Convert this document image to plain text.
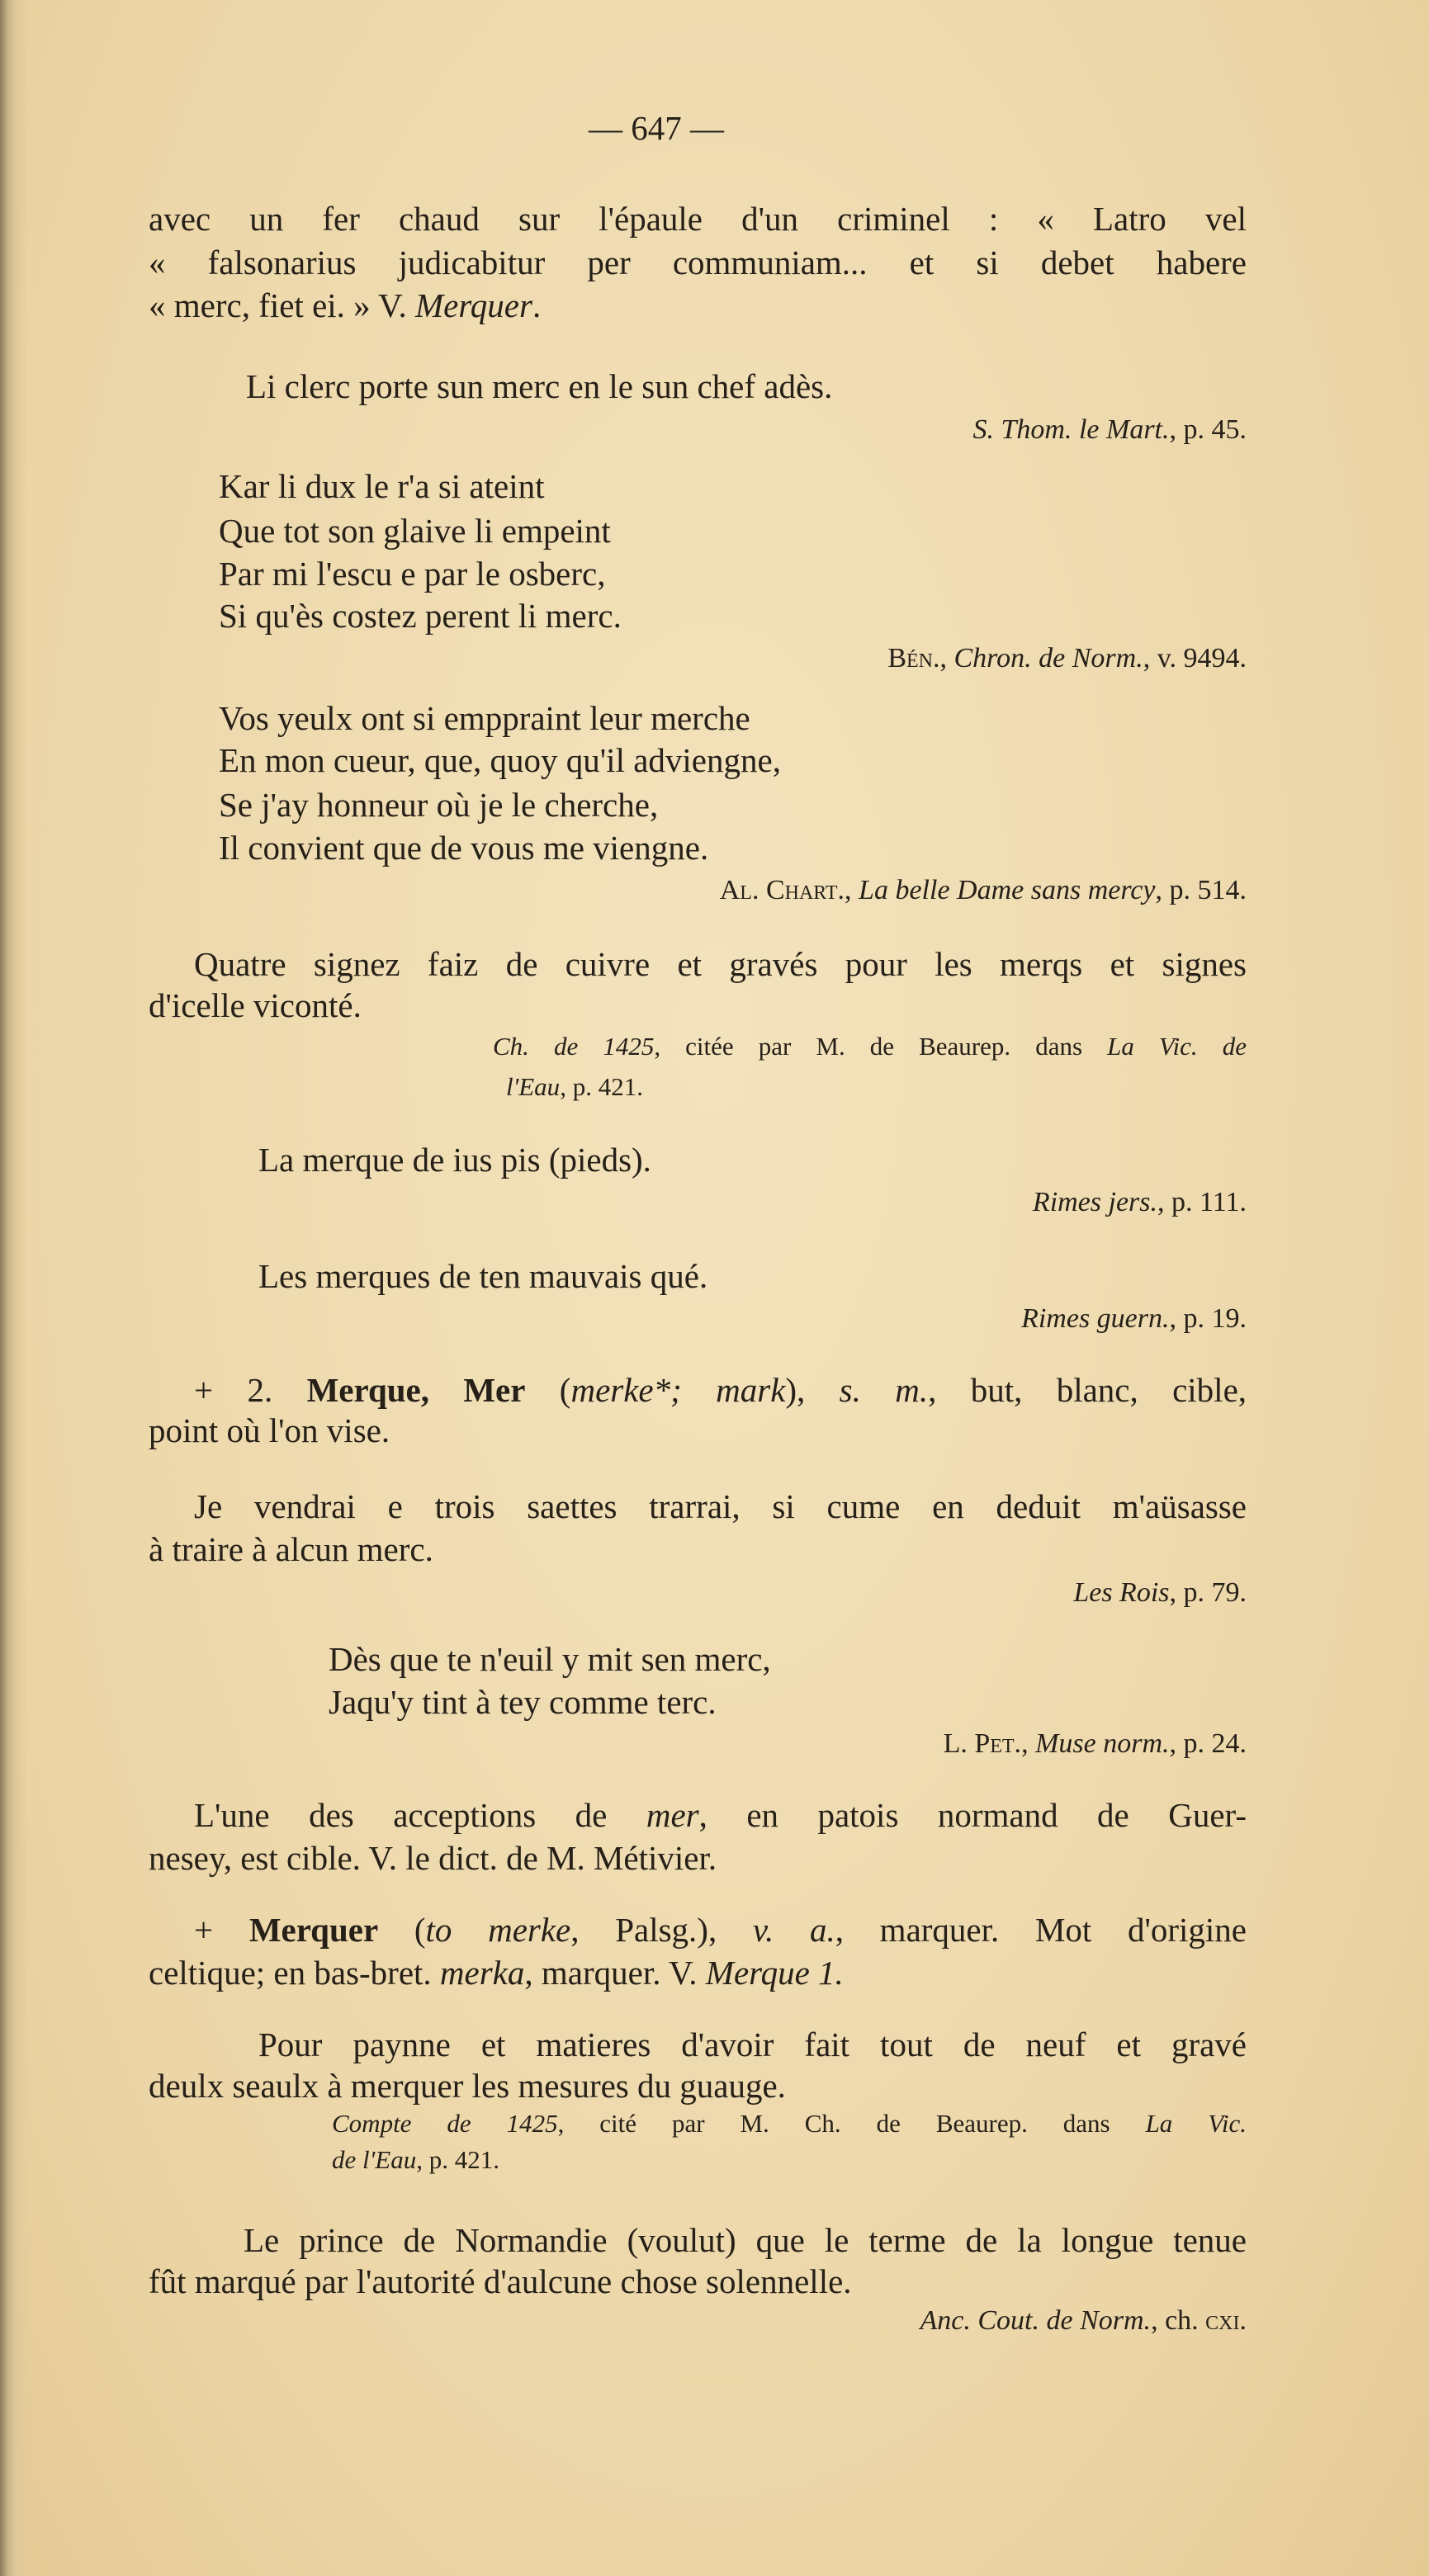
— 647 —
avec un fer chaud sur l'épaule d'un criminel : « Latro vel
« falsonarius judicabitur per communiam... et si debet habere
« merc, fiet ei. » V. Merquer.
Li clerc porte sun merc en le sun chef adès.
S. Thom. le Mart., p. 45.
Kar li dux le r'a si ateint
Que tot son glaive li empeint
Par mi l'escu e par le osberc,
Si qu'ès costez perent li merc.
Bén., Chron. de Norm., v. 9494.
Vos yeulx ont si emppraint leur merche
En mon cueur, que, quoy qu'il adviengne,
Se j'ay honneur où je le cherche,
Il convient que de vous me viengne.
Al. Chart., La belle Dame sans mercy, p. 514.
Quatre signez faiz de cuivre et gravés pour les merqs et signes
d'icelle viconté.
Ch. de 1425, citée par M. de Beaurep. dans La Vic. de
l'Eau, p. 421.
La merque de ius pis (pieds).
Rimes jers., p. 111.
Les merques de ten mauvais qué.
Rimes guern., p. 19.
+ 2. Merque, Mer (merke*; mark), s. m., but, blanc, cible,
point où l'on vise.
Je vendrai e trois saettes trarrai, si cume en deduit m'aüsasse
à traire à alcun merc.
Les Rois, p. 79.
Dès que te n'euil y mit sen merc,
Jaqu'y tint à tey comme terc.
L. Pet., Muse norm., p. 24.
L'une des acceptions de mer, en patois normand de Guer-
nesey, est cible. V. le dict. de M. Métivier.
+ Merquer (to merke, Palsg.), v. a., marquer. Mot d'origine
celtique; en bas-bret. merka, marquer. V. Merque 1.
Pour paynne et matieres d'avoir fait tout de neuf et gravé
deulx seaulx à merquer les mesures du guauge.
Compte de 1425, cité par M. Ch. de Beaurep. dans La Vic.
de l'Eau, p. 421.
Le prince de Normandie (voulut) que le terme de la longue tenue
fût marqué par l'autorité d'aulcune chose solennelle.
Anc. Cout. de Norm., ch. cxi.
